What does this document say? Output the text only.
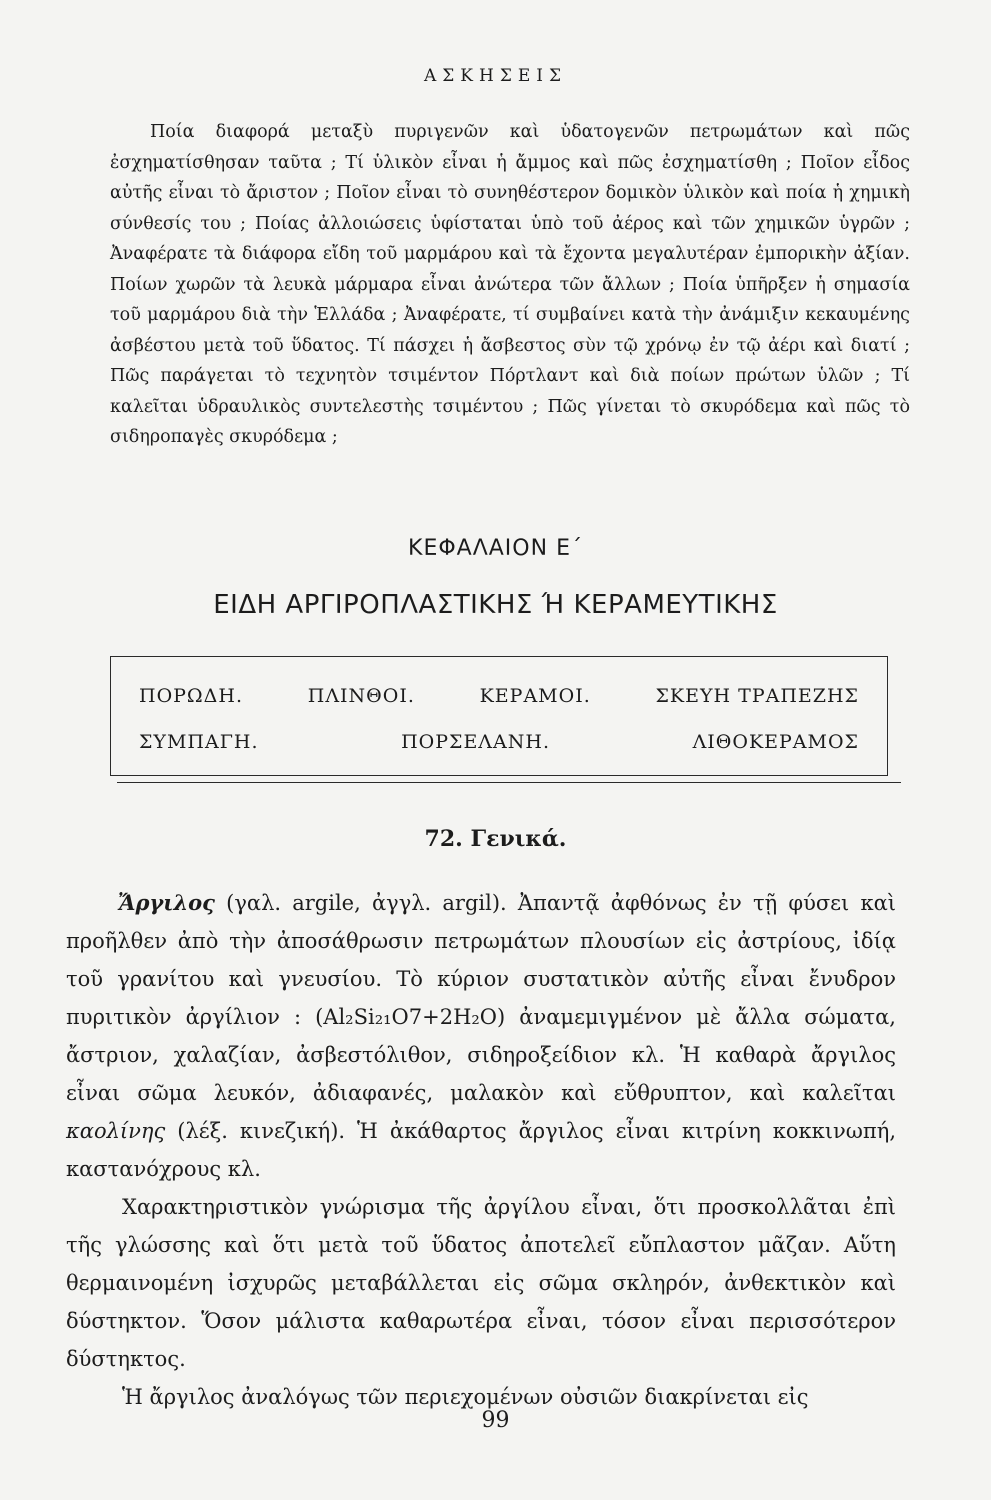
ΑΣΚΗΣΕΙΣ

Ποία διαφορά μεταξὺ πυριγενῶν καὶ ὑδατογενῶν πετρωμάτων καὶ πῶς ἐσχηματίσθησαν ταῦτα ; Τί ὑλικὸν εἶναι ἡ ἄμμος καὶ πῶς ἐσχηματίσθη ; Ποῖον εἶδος αὐτῆς εἶναι τὸ ἄριστον ; Ποῖον εἶναι τὸ συνηθέστερον δομικὸν ὑλικὸν καὶ ποία ἡ χημικὴ σύνθεσίς του ; Ποίας ἀλλοιώσεις ὑφίσταται ὑπὸ τοῦ ἀέρος καὶ τῶν χημικῶν ὑγρῶν ; Ἀναφέρατε τὰ διάφορα εἴδη τοῦ μαρμάρου καὶ τὰ ἔχοντα μεγαλυτέραν ἐμπορικὴν ἀξίαν. Ποίων χωρῶν τὰ λευκὰ μάρμαρα εἶναι ἀνώτερα τῶν ἄλλων ; Ποία ὑπῆρξεν ἡ σημασία τοῦ μαρμάρου διὰ τὴν Ἑλλάδα ; Ἀναφέρατε, τί συμβαίνει κατὰ τὴν ἀνάμιξιν κεκαυμένης ἀσβέστου μετὰ τοῦ ὕδατος. Τί πάσχει ἡ ἄσβεστος σὺν τῷ χρόνῳ ἐν τῷ ἀέρι καὶ διατί ; Πῶς παράγεται τὸ τεχνητὸν τσιμέντον Πόρτλαντ καὶ διὰ ποίων πρώτων ὑλῶν ; Τί καλεῖται ὑδραυλικὸς συντελεστὴς τσιμέντου ; Πῶς γίνεται τὸ σκυρόδεμα καὶ πῶς τὸ σιδηροπαγὲς σκυρόδεμα ;

ΚΕΦΑΛΑΙΟΝ Ε΄
ΕΙΔΗ ΑΡΓΙΡΟΠΛΑΣΤΙΚΗΣ Ή ΚΕΡΑΜΕΥΤΙΚΗΣ
ΠΟΡΩΔΗ.	ΠΛΙΝΘΟΙ.	ΚΕΡΑΜΟΙ.	ΣΚΕΥΗ ΤΡΑΠΕΖΗΣ
ΣΥΜΠΑΓΗ.	ΠΟΡΣΕΛΑΝΗ.	ΛΙΘΟΚΕΡΑΜΟΣ
72. Γενικά.

Ἄργιλος (γαλ. argile, ἀγγλ. argil). Ἀπαντᾷ ἀφθόνως ἐν τῇ φύσει καὶ προῆλθεν ἀπὸ τὴν ἀποσάθρωσιν πετρωμάτων πλουσίων εἰς ἀστρίους, ἰδίᾳ τοῦ γρανίτου καὶ γνευσίου. Τὸ κύριον συστατικὸν αὐτῆς εἶναι ἔνυδρον πυριτικὸν ἀργίλιον : (Al₂Si₂₁O7+2H₂O) ἀναμεμιγμένον μὲ ἄλλα σώματα, ἄστριον, χαλαζίαν, ἀσβεστόλιθον, σιδηροξείδιον κλ. Ἡ καθαρὰ ἄργιλος εἶναι σῶμα λευκόν, ἀδιαφανές, μαλακὸν καὶ εὔθρυπτον, καὶ καλεῖται καολίνης (λέξ. κινεζική). Ἡ ἀκάθαρτος ἄργιλος εἶναι κιτρίνη κοκκινωπή, καστανόχρους κλ.

Χαρακτηριστικὸν γνώρισμα τῆς ἀργίλου εἶναι, ὅτι προσκολλᾶται ἐπὶ τῆς γλώσσης καὶ ὅτι μετὰ τοῦ ὕδατος ἀποτελεῖ εὔπλαστον μᾶζαν. Αὕτη θερμαινομένη ἰσχυρῶς μεταβάλλεται εἰς σῶμα σκληρόν, ἀνθεκτικὸν καὶ δύστηκτον. Ὅσον μάλιστα καθαρωτέρα εἶναι, τόσον εἶναι περισσότερον δύστηκτος.

Ἡ ἄργιλος ἀναλόγως τῶν περιεχομένων οὐσιῶν διακρίνεται εἰς

99
